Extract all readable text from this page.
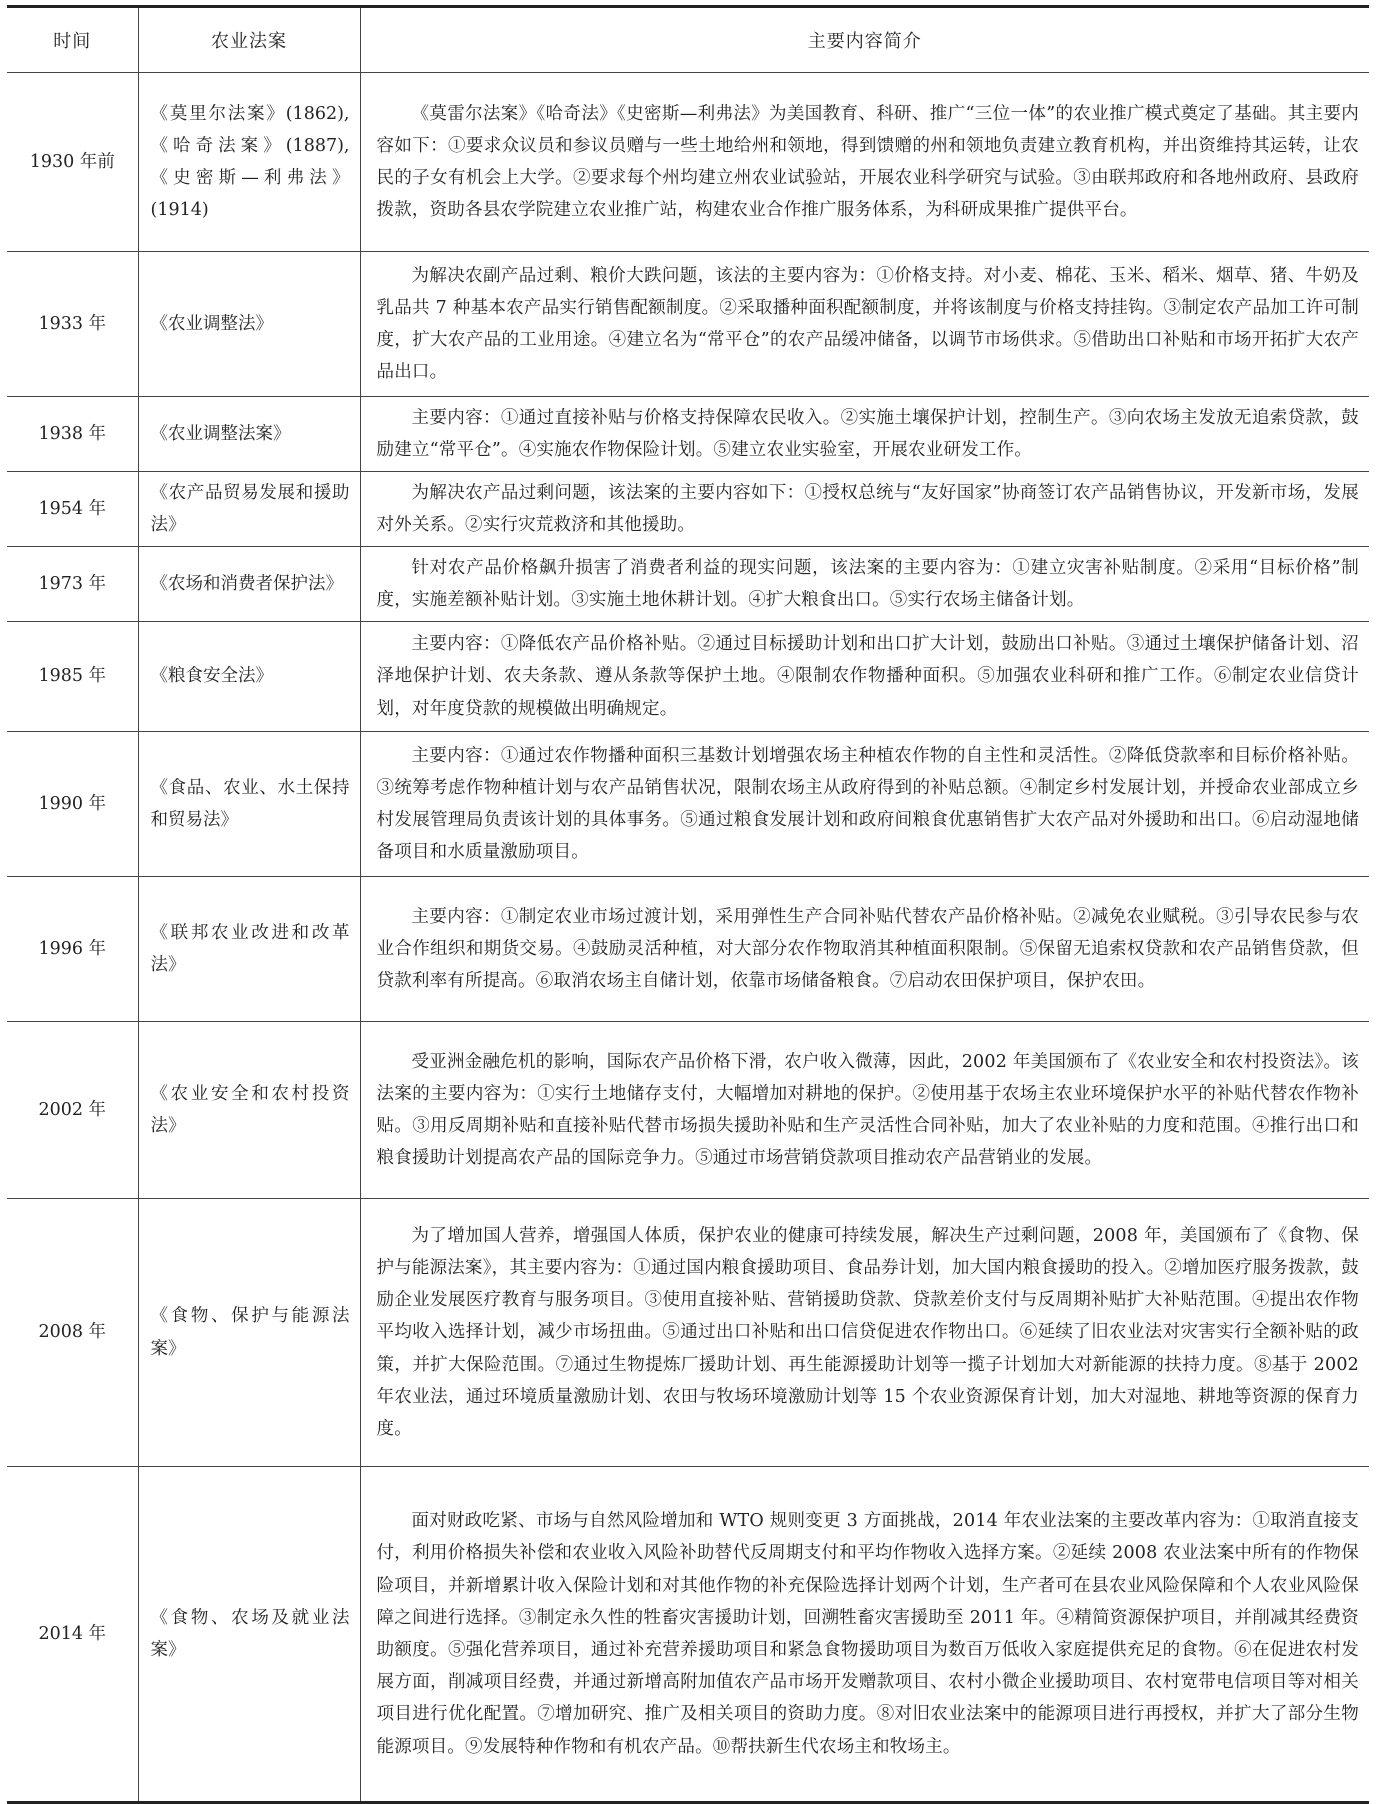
时间	农业法案	主要内容简介
1930 年前	《莫里尔法案》(1862),《哈奇法案》(1887),《史密斯—利弗法》(1914)	《莫雷尔法案》《哈奇法》《史密斯—利弗法》为美国教育、科研、推广“三位一体”的农业推广模式奠定了基础。其主要内容如下：①要求众议员和参议员赠与一些土地给州和领地，得到馈赠的州和领地负责建立教育机构，并出资维持其运转，让农民的子女有机会上大学。②要求每个州均建立州农业试验站，开展农业科学研究与试验。③由联邦政府和各地州政府、县政府拨款，资助各县农学院建立农业推广站，构建农业合作推广服务体系，为科研成果推广提供平台。
1933 年	《农业调整法》	为解决农副产品过剩、粮价大跌问题，该法的主要内容为：①价格支持。对小麦、棉花、玉米、稻米、烟草、猪、牛奶及乳品共 7 种基本农产品实行销售配额制度。②采取播种面积配额制度，并将该制度与价格支持挂钩。③制定农产品加工许可制度，扩大农产品的工业用途。④建立名为“常平仓”的农产品缓冲储备，以调节市场供求。⑤借助出口补贴和市场开拓扩大农产品出口。
1938 年	《农业调整法案》	主要内容：①通过直接补贴与价格支持保障农民收入。②实施土壤保护计划，控制生产。③向农场主发放无追索贷款，鼓励建立“常平仓”。④实施农作物保险计划。⑤建立农业实验室，开展农业研发工作。
1954 年	《农产品贸易发展和援助法》	为解决农产品过剩问题，该法案的主要内容如下：①授权总统与“友好国家”协商签订农产品销售协议，开发新市场，发展对外关系。②实行灾荒救济和其他援助。
1973 年	《农场和消费者保护法》	针对农产品价格飙升损害了消费者利益的现实问题，该法案的主要内容为：①建立灾害补贴制度。②采用“目标价格”制度，实施差额补贴计划。③实施土地休耕计划。④扩大粮食出口。⑤实行农场主储备计划。
1985 年	《粮食安全法》	主要内容：①降低农产品价格补贴。②通过目标援助计划和出口扩大计划，鼓励出口补贴。③通过土壤保护储备计划、沼泽地保护计划、农夫条款、遵从条款等保护土地。④限制农作物播种面积。⑤加强农业科研和推广工作。⑥制定农业信贷计划，对年度贷款的规模做出明确规定。
1990 年	《食品、农业、水土保持和贸易法》	主要内容：①通过农作物播种面积三基数计划增强农场主种植农作物的自主性和灵活性。②降低贷款率和目标价格补贴。③统筹考虑作物种植计划与农产品销售状况，限制农场主从政府得到的补贴总额。④制定乡村发展计划，并授命农业部成立乡村发展管理局负责该计划的具体事务。⑤通过粮食发展计划和政府间粮食优惠销售扩大农产品对外援助和出口。⑥启动湿地储备项目和水质量激励项目。
1996 年	《联邦农业改进和改革法》	主要内容：①制定农业市场过渡计划，采用弹性生产合同补贴代替农产品价格补贴。②减免农业赋税。③引导农民参与农业合作组织和期货交易。④鼓励灵活种植，对大部分农作物取消其种植面积限制。⑤保留无追索权贷款和农产品销售贷款，但贷款利率有所提高。⑥取消农场主自储计划，依靠市场储备粮食。⑦启动农田保护项目，保护农田。
2002 年	《农业安全和农村投资法》	受亚洲金融危机的影响，国际农产品价格下滑，农户收入微薄，因此，2002 年美国颁布了《农业安全和农村投资法》。该法案的主要内容为：①实行土地储存支付，大幅增加对耕地的保护。②使用基于农场主农业环境保护水平的补贴代替农作物补贴。③用反周期补贴和直接补贴代替市场损失援助补贴和生产灵活性合同补贴，加大了农业补贴的力度和范围。④推行出口和粮食援助计划提高农产品的国际竞争力。⑤通过市场营销贷款项目推动农产品营销业的发展。
2008 年	《食物、保护与能源法案》	为了增加国人营养，增强国人体质，保护农业的健康可持续发展，解决生产过剩问题，2008 年，美国颁布了《食物、保护与能源法案》，其主要内容为：①通过国内粮食援助项目、食品券计划，加大国内粮食援助的投入。②增加医疗服务拨款，鼓励企业发展医疗教育与服务项目。③使用直接补贴、营销援助贷款、贷款差价支付与反周期补贴扩大补贴范围。④提出农作物平均收入选择计划，减少市场扭曲。⑤通过出口补贴和出口信贷促进农作物出口。⑥延续了旧农业法对灾害实行全额补贴的政策，并扩大保险范围。⑦通过生物提炼厂援助计划、再生能源援助计划等一揽子计划加大对新能源的扶持力度。⑧基于 2002 年农业法，通过环境质量激励计划、农田与牧场环境激励计划等 15 个农业资源保育计划，加大对湿地、耕地等资源的保育力度。
2014 年	《食物、农场及就业法案》	面对财政吃紧、市场与自然风险增加和 WTO 规则变更 3 方面挑战，2014 年农业法案的主要改革内容为：①取消直接支付，利用价格损失补偿和农业收入风险补助替代反周期支付和平均作物收入选择方案。②延续 2008 农业法案中所有的作物保险项目，并新增累计收入保险计划和对其他作物的补充保险选择计划两个计划，生产者可在县农业风险保障和个人农业风险保障之间进行选择。③制定永久性的牲畜灾害援助计划，回溯牲畜灾害援助至 2011 年。④精简资源保护项目，并削减其经费资助额度。⑤强化营养项目，通过补充营养援助项目和紧急食物援助项目为数百万低收入家庭提供充足的食物。⑥在促进农村发展方面，削减项目经费，并通过新增高附加值农产品市场开发赠款项目、农村小微企业援助项目、农村宽带电信项目等对相关项目进行优化配置。⑦增加研究、推广及相关项目的资助力度。⑧对旧农业法案中的能源项目进行再授权，并扩大了部分生物能源项目。⑨发展特种作物和有机农产品。⑩帮扶新生代农场主和牧场主。
